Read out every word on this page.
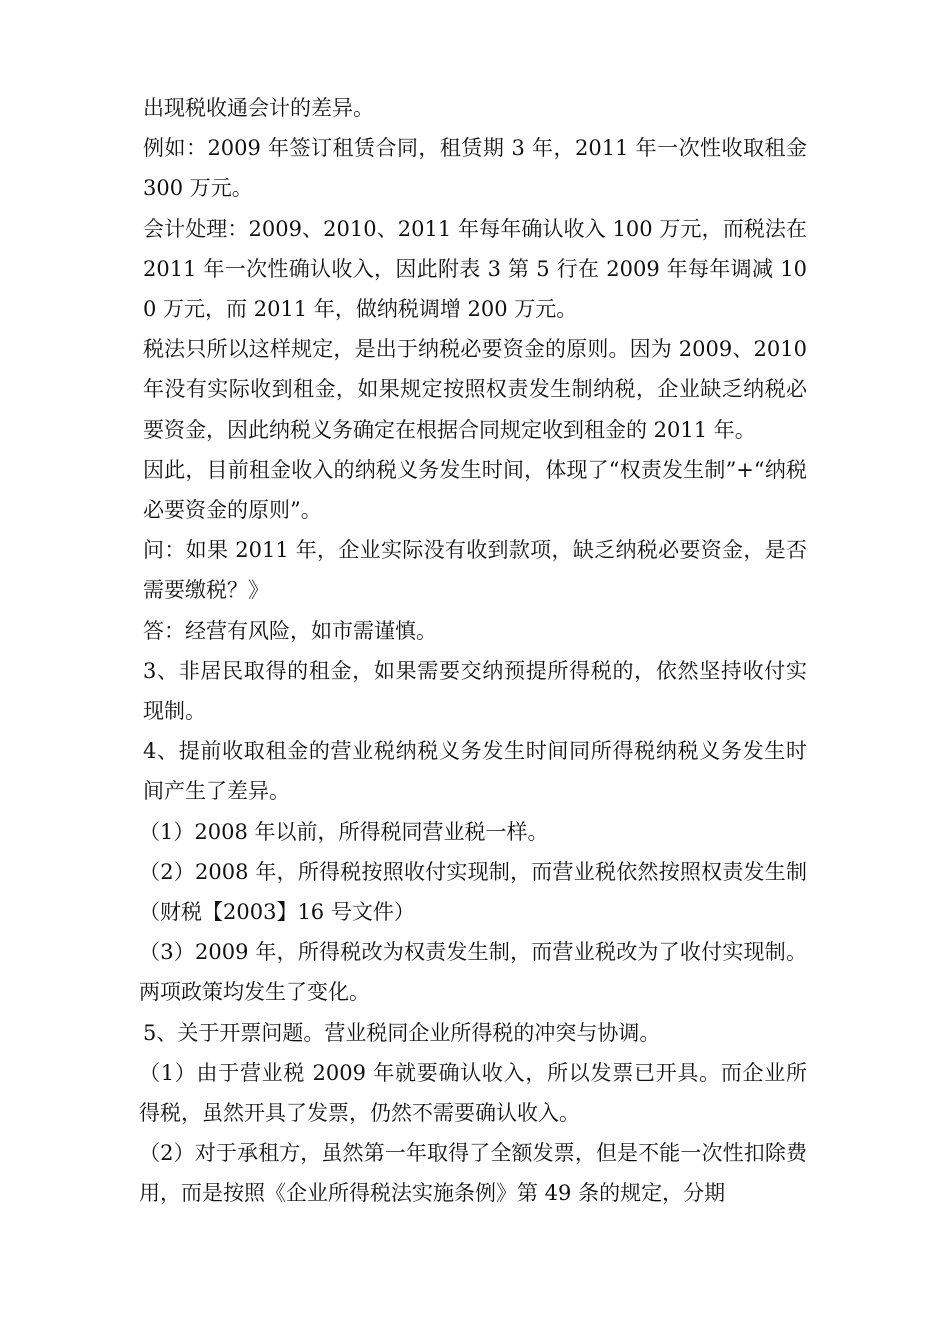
出现税收通会计的差异。

例如：2009 年签订租赁合同，租赁期 3 年，2011 年一次性收取租金 300 万元。

会计处理：2009、2010、2011 年每年确认收入 100 万元，而税法在 2011 年一次性确认收入，因此附表 3 第 5 行在 2009 年每年调减 100 万元，而 2011 年，做纳税调增 200 万元。

税法只所以这样规定，是出于纳税必要资金的原则。因为 2009、2010 年没有实际收到租金，如果规定按照权责发生制纳税，企业缺乏纳税必要资金，因此纳税义务确定在根据合同规定收到租金的 2011 年。

因此，目前租金收入的纳税义务发生时间，体现了“权责发生制”+“纳税必要资金的原则”。

问：如果 2011 年，企业实际没有收到款项，缺乏纳税必要资金，是否需要缴税？》

答：经营有风险，如市需谨慎。

3、非居民取得的租金，如果需要交纳预提所得税的，依然坚持收付实现制。

4、提前收取租金的营业税纳税义务发生时间同所得税纳税义务发生时间产生了差异。

（1）2008 年以前，所得税同营业税一样。

（2）2008 年，所得税按照收付实现制，而营业税依然按照权责发生制（财税【2003】16 号文件）

（3）2009 年，所得税改为权责发生制，而营业税改为了收付实现制。两项政策均发生了变化。

5、关于开票问题。营业税同企业所得税的冲突与协调。

（1）由于营业税 2009 年就要确认收入，所以发票已开具。而企业所得税，虽然开具了发票，仍然不需要确认收入。

（2）对于承租方，虽然第一年取得了全额发票，但是不能一次性扣除费用，而是按照《企业所得税法实施条例》第 49 条的规定，分期
